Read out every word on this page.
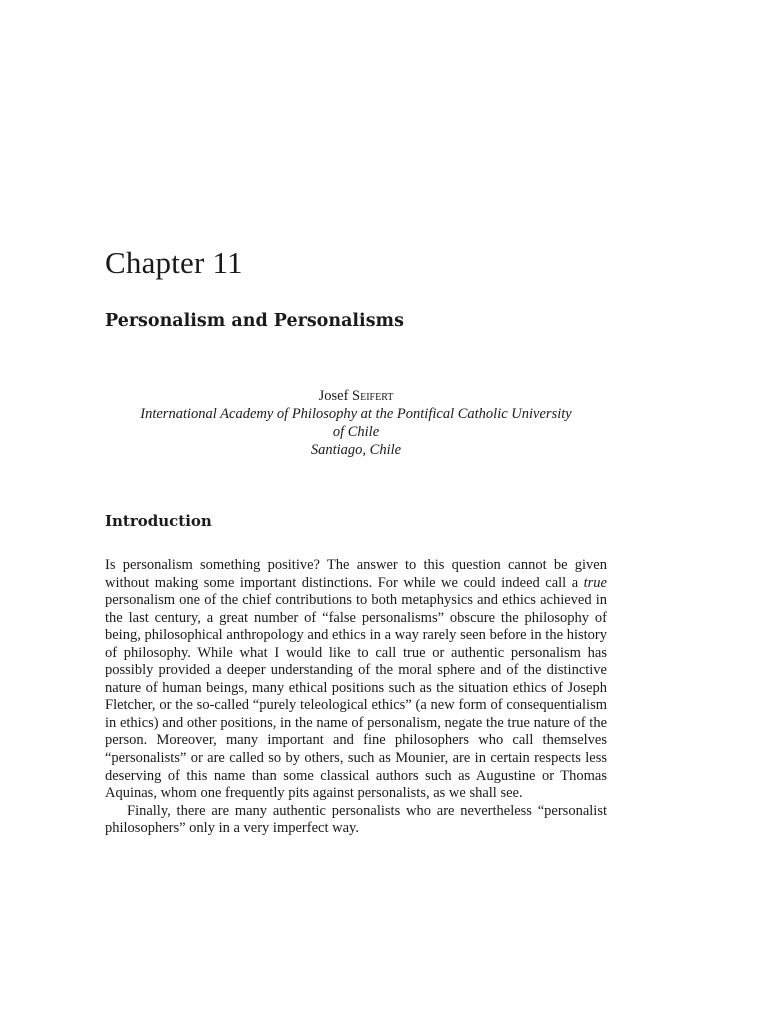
Chapter 11
Personalism and Personalisms
Josef Seifert
International Academy of Philosophy at the Pontifical Catholic University
of Chile
Santiago, Chile
Introduction

Is personalism something positive? The answer to this question cannot be given without making some important distinctions. For while we could indeed call a true personalism one of the chief contributions to both metaphysics and ethics achieved in the last century, a great number of “false personalisms” obscure the philosophy of being, philosophical anthropology and ethics in a way rarely seen before in the history of philosophy. While what I would like to call true or authentic personalism has possibly provided a deeper understanding of the moral sphere and of the distinctive nature of human beings, many ethical positions such as the situation ethics of Joseph Fletcher, or the so-called “purely teleological ethics” (a new form of consequentialism in ethics) and other positions, in the name of personalism, negate the true nature of the person. Moreover, many important and fine philosophers who call themselves “personalists” or are called so by others, such as Mounier, are in certain respects less deserving of this name than some classical authors such as Augustine or Thomas Aquinas, whom one frequently pits against personalists, as we shall see.

Finally, there are many authentic personalists who are nevertheless “personalist philosophers” only in a very imperfect way.
